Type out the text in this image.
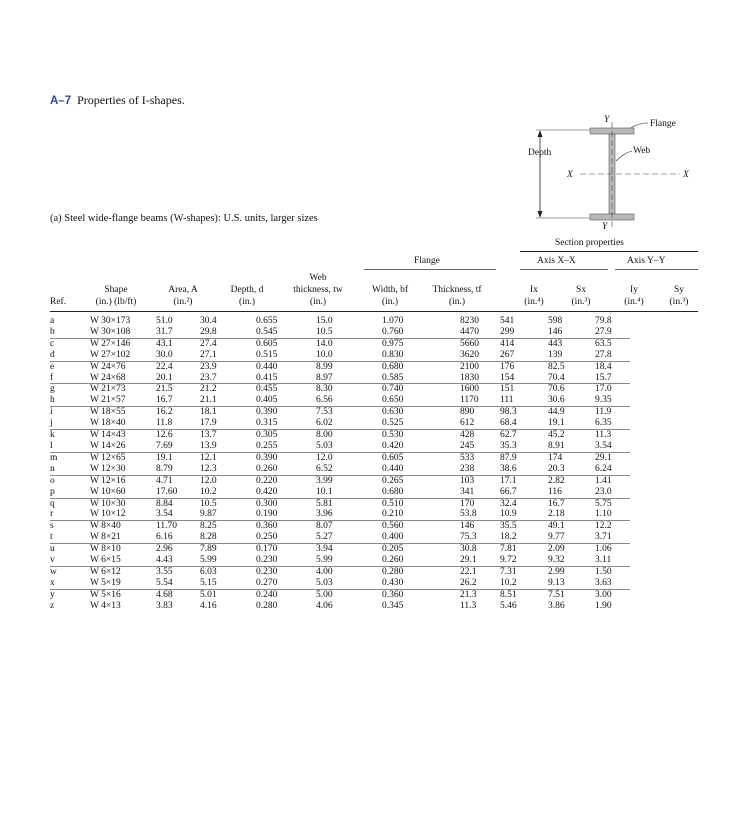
A–7 Properties of I-shapes.
Depth
X	X
Y
Y
Flange
Web
(a) Steel wide-flange beams (W-shapes): U.S. units, larger sizes
Section properties
Axis X–X	Axis Y–Y
Flange
Ref.
Shape
(in.) (lb/ft)
Area, A
(in.²)
Depth, d
(in.)
Web
thickness, tw
(in.)
Width, bf
(in.)
Thickness, tf
(in.)
Ix
(in.⁴)
Sx
(in.³)
Iy
(in.⁴)
Sy
(in.³)
a	W 30×173	51.0	30.4	0.655	15.0	1.070	8230	541	598	79.8
b	W 30×108	31.7	29.8	0.545	10.5	0.760	4470	299	146	27.9
c	W 27×146	43.1	27.4	0.605	14.0	0.975	5660	414	443	63.5
d	W 27×102	30.0	27.1	0.515	10.0	0.830	3620	267	139	27.8
e	W 24×76	22.4	23.9	0.440	8.99	0.680	2100	176	82.5	18.4
f	W 24×68	20.1	23.7	0.415	8.97	0.585	1830	154	70.4	15.7
g	W 21×73	21.5	21.2	0.455	8.30	0.740	1600	151	70.6	17.0
h	W 21×57	16.7	21.1	0.405	6.56	0.650	1170	111	30.6	9.35
i	W 18×55	16.2	18.1	0.390	7.53	0.630	890	98.3	44.9	11.9
j	W 18×40	11.8	17.9	0.315	6.02	0.525	612	68.4	19.1	6.35
k	W 14×43	12.6	13.7	0.305	8.00	0.530	428	62.7	45.2	11.3
l	W 14×26	7.69	13.9	0.255	5.03	0.420	245	35.3	8.91	3.54
m	W 12×65	19.1	12.1	0.390	12.0	0.605	533	87.9	174	29.1
n	W 12×30	8.79	12.3	0.260	6.52	0.440	238	38.6	20.3	6.24
o	W 12×16	4.71	12.0	0.220	3.99	0.265	103	17.1	2.82	1.41
p	W 10×60	17.60	10.2	0.420	10.1	0.680	341	66.7	116	23.0
q	W 10×30	8.84	10.5	0.300	5.81	0.510	170	32.4	16.7	5.75
r	W 10×12	3.54	9.87	0.190	3.96	0.210	53.8	10.9	2.18	1.10
s	W 8×40	11.70	8.25	0.360	8.07	0.560	146	35.5	49.1	12.2
t	W 8×21	6.16	8.28	0.250	5.27	0.400	75.3	18.2	9.77	3.71
u	W 8×10	2.96	7.89	0.170	3.94	0.205	30.8	7.81	2.09	1.06
v	W 6×15	4.43	5.99	0.230	5.99	0.260	29.1	9.72	9.32	3.11
w	W 6×12	3.55	6.03	0.230	4.00	0.280	22.1	7.31	2.99	1.50
x	W 5×19	5.54	5.15	0.270	5.03	0.430	26.2	10.2	9.13	3.63
y	W 5×16	4.68	5.01	0.240	5.00	0.360	21.3	8.51	7.51	3.00
z	W 4×13	3.83	4.16	0.280	4.06	0.345	11.3	5.46	3.86	1.90
